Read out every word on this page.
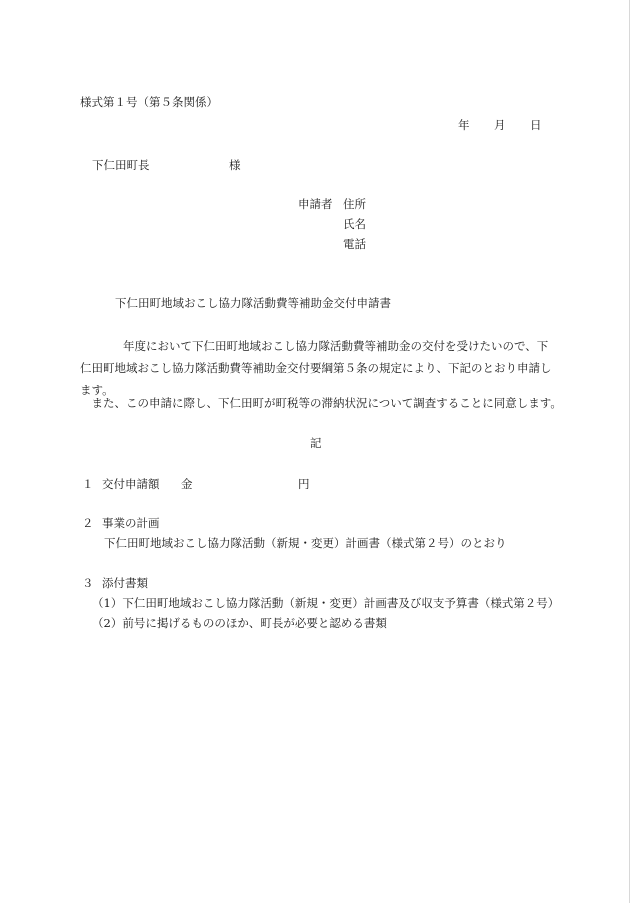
様式第１号（第５条関係）
年 月 日
下仁田町長	様
申請者 住所
氏名
電話
下仁田町地域おこし協力隊活動費等補助金交付申請書
　　年度において下仁田町地域おこし協力隊活動費等補助金の交付を受けたいので、下仁田町地域おこし協力隊活動費等補助金交付要綱第５条の規定により、下記のとおり申請します。
　また、この申請に際し、下仁田町が町税等の滞納状況について調査することに同意します。
記
１ 交付申請額 金	円
２ 事業の計画
下仁田町地域おこし協力隊活動（新規・変更）計画書（様式第２号）のとおり
３ 添付書類
（1）下仁田町地域おこし協力隊活動（新規・変更）計画書及び収支予算書（様式第２号）
（2）前号に掲げるもののほか、町長が必要と認める書類
